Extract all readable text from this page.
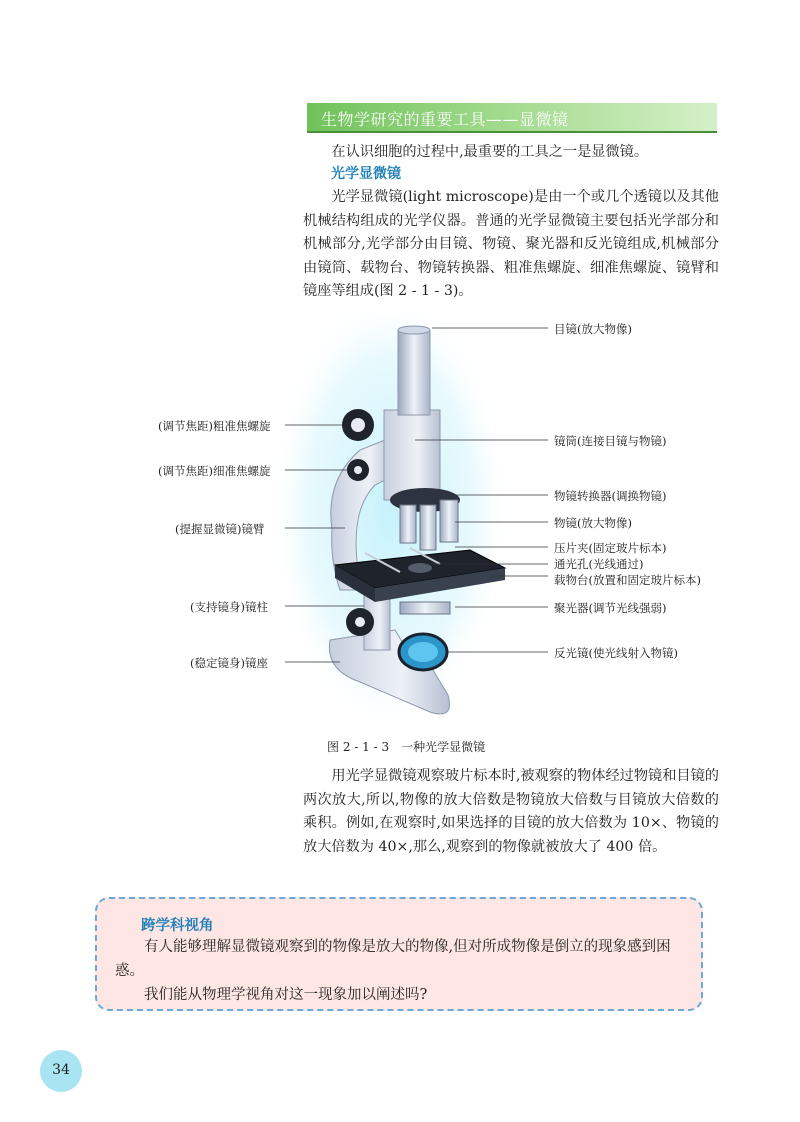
生物学研究的重要工具——显微镜

在认识细胞的过程中,最重要的工具之一是显微镜。

光学显微镜

光学显微镜(light microscope)是由一个或几个透镜以及其他机械结构组成的光学仪器。普通的光学显微镜主要包括光学部分和机械部分,光学部分由目镜、物镜、聚光器和反光镜组成,机械部分由镜筒、载物台、物镜转换器、粗准焦螺旋、细准焦螺旋、镜臂和镜座等组成(图 2 - 1 - 3)。

目镜(放大物像)
镜筒(连接目镜与物镜)
物镜转换器(调换物镜)
物镜(放大物像)
压片夹(固定玻片标本)
通光孔(光线通过)
载物台(放置和固定玻片标本)
聚光器(调节光线强弱)
反光镜(使光线射入物镜)
(调节焦距)粗准焦螺旋
(调节焦距)细准焦螺旋
(提握显微镜)镜臂
(支持镜身)镜柱
(稳定镜身)镜座
图 2 - 1 - 3　一种光学显微镜

用光学显微镜观察玻片标本时,被观察的物体经过物镜和目镜的两次放大,所以,物像的放大倍数是物镜放大倍数与目镜放大倍数的乘积。例如,在观察时,如果选择的目镜的放大倍数为 10×、物镜的放大倍数为 40×,那么,观察到的物像就被放大了 400 倍。

跨学科视角

有人能够理解显微镜观察到的物像是放大的物像,但对所成物像是倒立的现象感到困惑。

我们能从物理学视角对这一现象加以阐述吗?

34
